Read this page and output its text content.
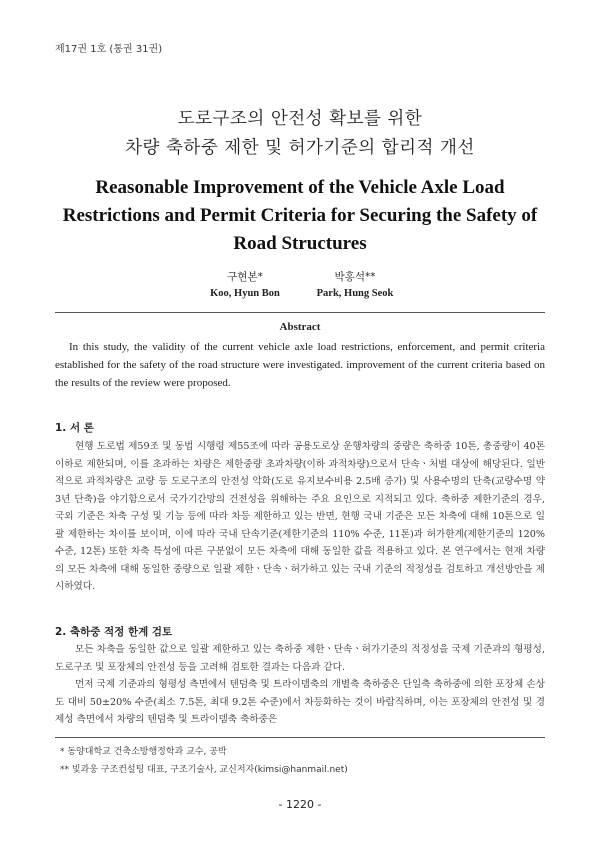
제17권 1호 (통권 31권)
도로구조의 안전성 확보를 위한
차량 축하중 제한 및 허가기준의 합리적 개선
Reasonable Improvement of the Vehicle Axle Load Restrictions and Permit Criteria for Securing the Safety of Road Structures
구현본*	박홍석**
Koo, Hyun Bon	Park, Hung Seok
Abstract
In this study, the validity of the current vehicle axle load restrictions, enforcement, and permit criteria established for the safety of the road structure were investigated. improvement of the current criteria based on the results of the review were proposed.
1. 서 론
현행 도로법 제59조 및 동법 시행령 제55조에 따라 공용도로상 운행차량의 중량은 축하중 10톤, 총중량이 40톤 이하로 제한되며, 이를 초과하는 차량은 제한중량 초과차량(이하 과적차량)으로서 단속ㆍ처벌 대상에 해당된다. 일반적으로 과적차량은 교량 등 도로구조의 안전성 악화(도로 유지보수비용 2.5배 증가) 및 사용수명의 단축(교량수명 약 3년 단축)을 야기함으로서 국가기간망의 건전성을 위해하는 주요 요인으로 지적되고 있다. 축하중 제한기준의 경우, 국외 기준은 차축 구성 및 기능 등에 따라 차등 제한하고 있는 반면, 현행 국내 기준은 모든 차축에 대해 10톤으로 일괄 제한하는 차이를 보이며, 이에 따라 국내 단속기준(제한기준의 110% 수준, 11톤)과 허가한계(제한기준의 120% 수준, 12톤) 또한 차축 특성에 따른 구분없이 모든 차축에 대해 동일한 값을 적용하고 있다. 본 연구에서는 현재 차량의 모든 차축에 대해 동일한 중량으로 일괄 제한ㆍ단속ㆍ허가하고 있는 국내 기준의 적정성을 검토하고 개선방안을 제시하였다.
2. 축하중 적정 한계 검토
모든 차축을 동일한 값으로 일괄 제한하고 있는 축하중 제한ㆍ단속ㆍ허가기준의 적정성을 국제 기준과의 형평성, 도로구조 및 포장체의 안전성 등을 고려해 검토한 결과는 다음과 같다.
먼저 국제 기준과의 형평성 측면에서 텐덤축 및 트라이뎀축의 개별축 축하중은 단일축 축하중에 의한 포장체 손상도 대비 50±20% 수준(최소 7.5톤, 최대 9.2톤 수준)에서 차등화하는 것이 바람직하며, 이는 포장체의 안전성 및 경제성 측면에서 차량의 텐덤축 및 트라이뎀축 축하중은
* 동양대학교 건축소방행정학과 교수, 공박
** 빛과웅 구조컨설팅 대표, 구조기술사, 교신저자(kimsi@hanmail.net)
- 1220 -
